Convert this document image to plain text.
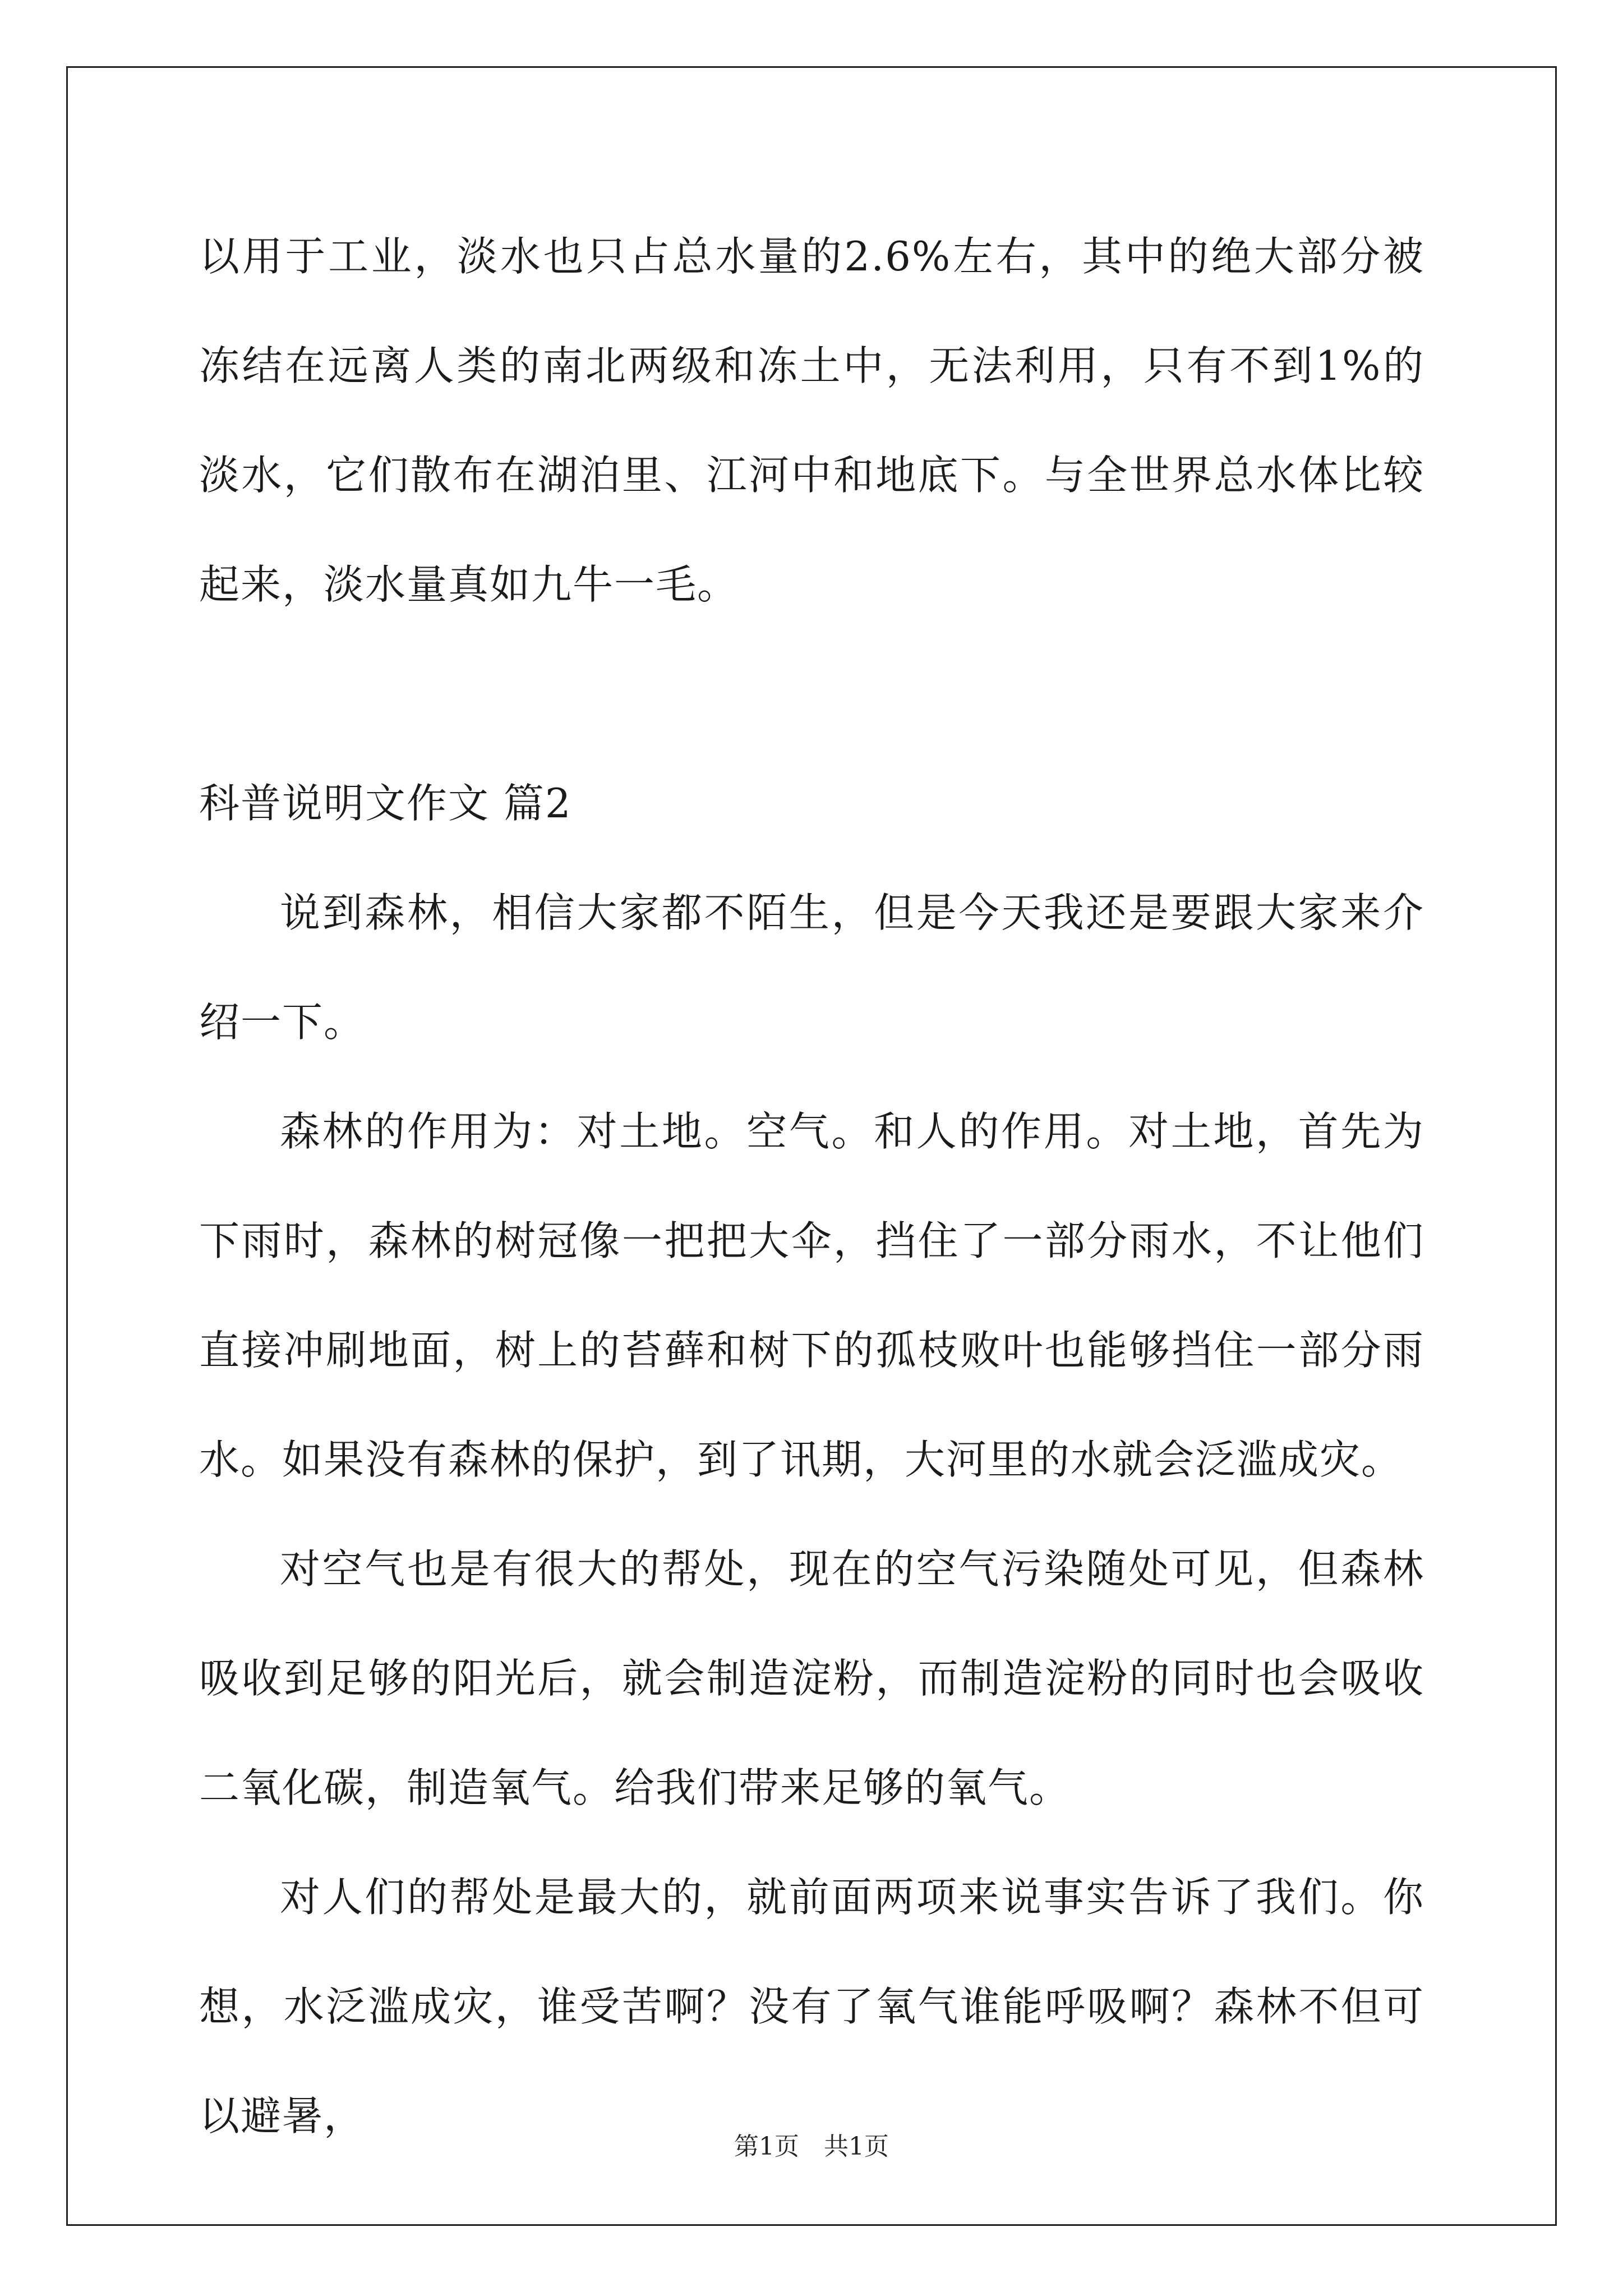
以用于工业，淡水也只占总水量的2.6%左右，其中的绝大部分被冻结在远离人类的南北两级和冻土中，无法利用，只有不到1%的淡水，它们散布在湖泊里、江河中和地底下。与全世界总水体比较起来，淡水量真如九牛一毛。

科普说明文作文 篇2

说到森林，相信大家都不陌生，但是今天我还是要跟大家来介绍一下。

森林的作用为：对土地。空气。和人的作用。对土地，首先为下雨时，森林的树冠像一把把大伞，挡住了一部分雨水，不让他们直接冲刷地面，树上的苔藓和树下的孤枝败叶也能够挡住一部分雨水。如果没有森林的保护，到了讯期，大河里的水就会泛滥成灾。

对空气也是有很大的帮处，现在的空气污染随处可见，但森林吸收到足够的阳光后，就会制造淀粉，而制造淀粉的同时也会吸收二氧化碳，制造氧气。给我们带来足够的氧气。

对人们的帮处是最大的，就前面两项来说事实告诉了我们。你想，水泛滥成灾，谁受苦啊？没有了氧气谁能呼吸啊？森林不但可以避暑，

第1页　共1页
